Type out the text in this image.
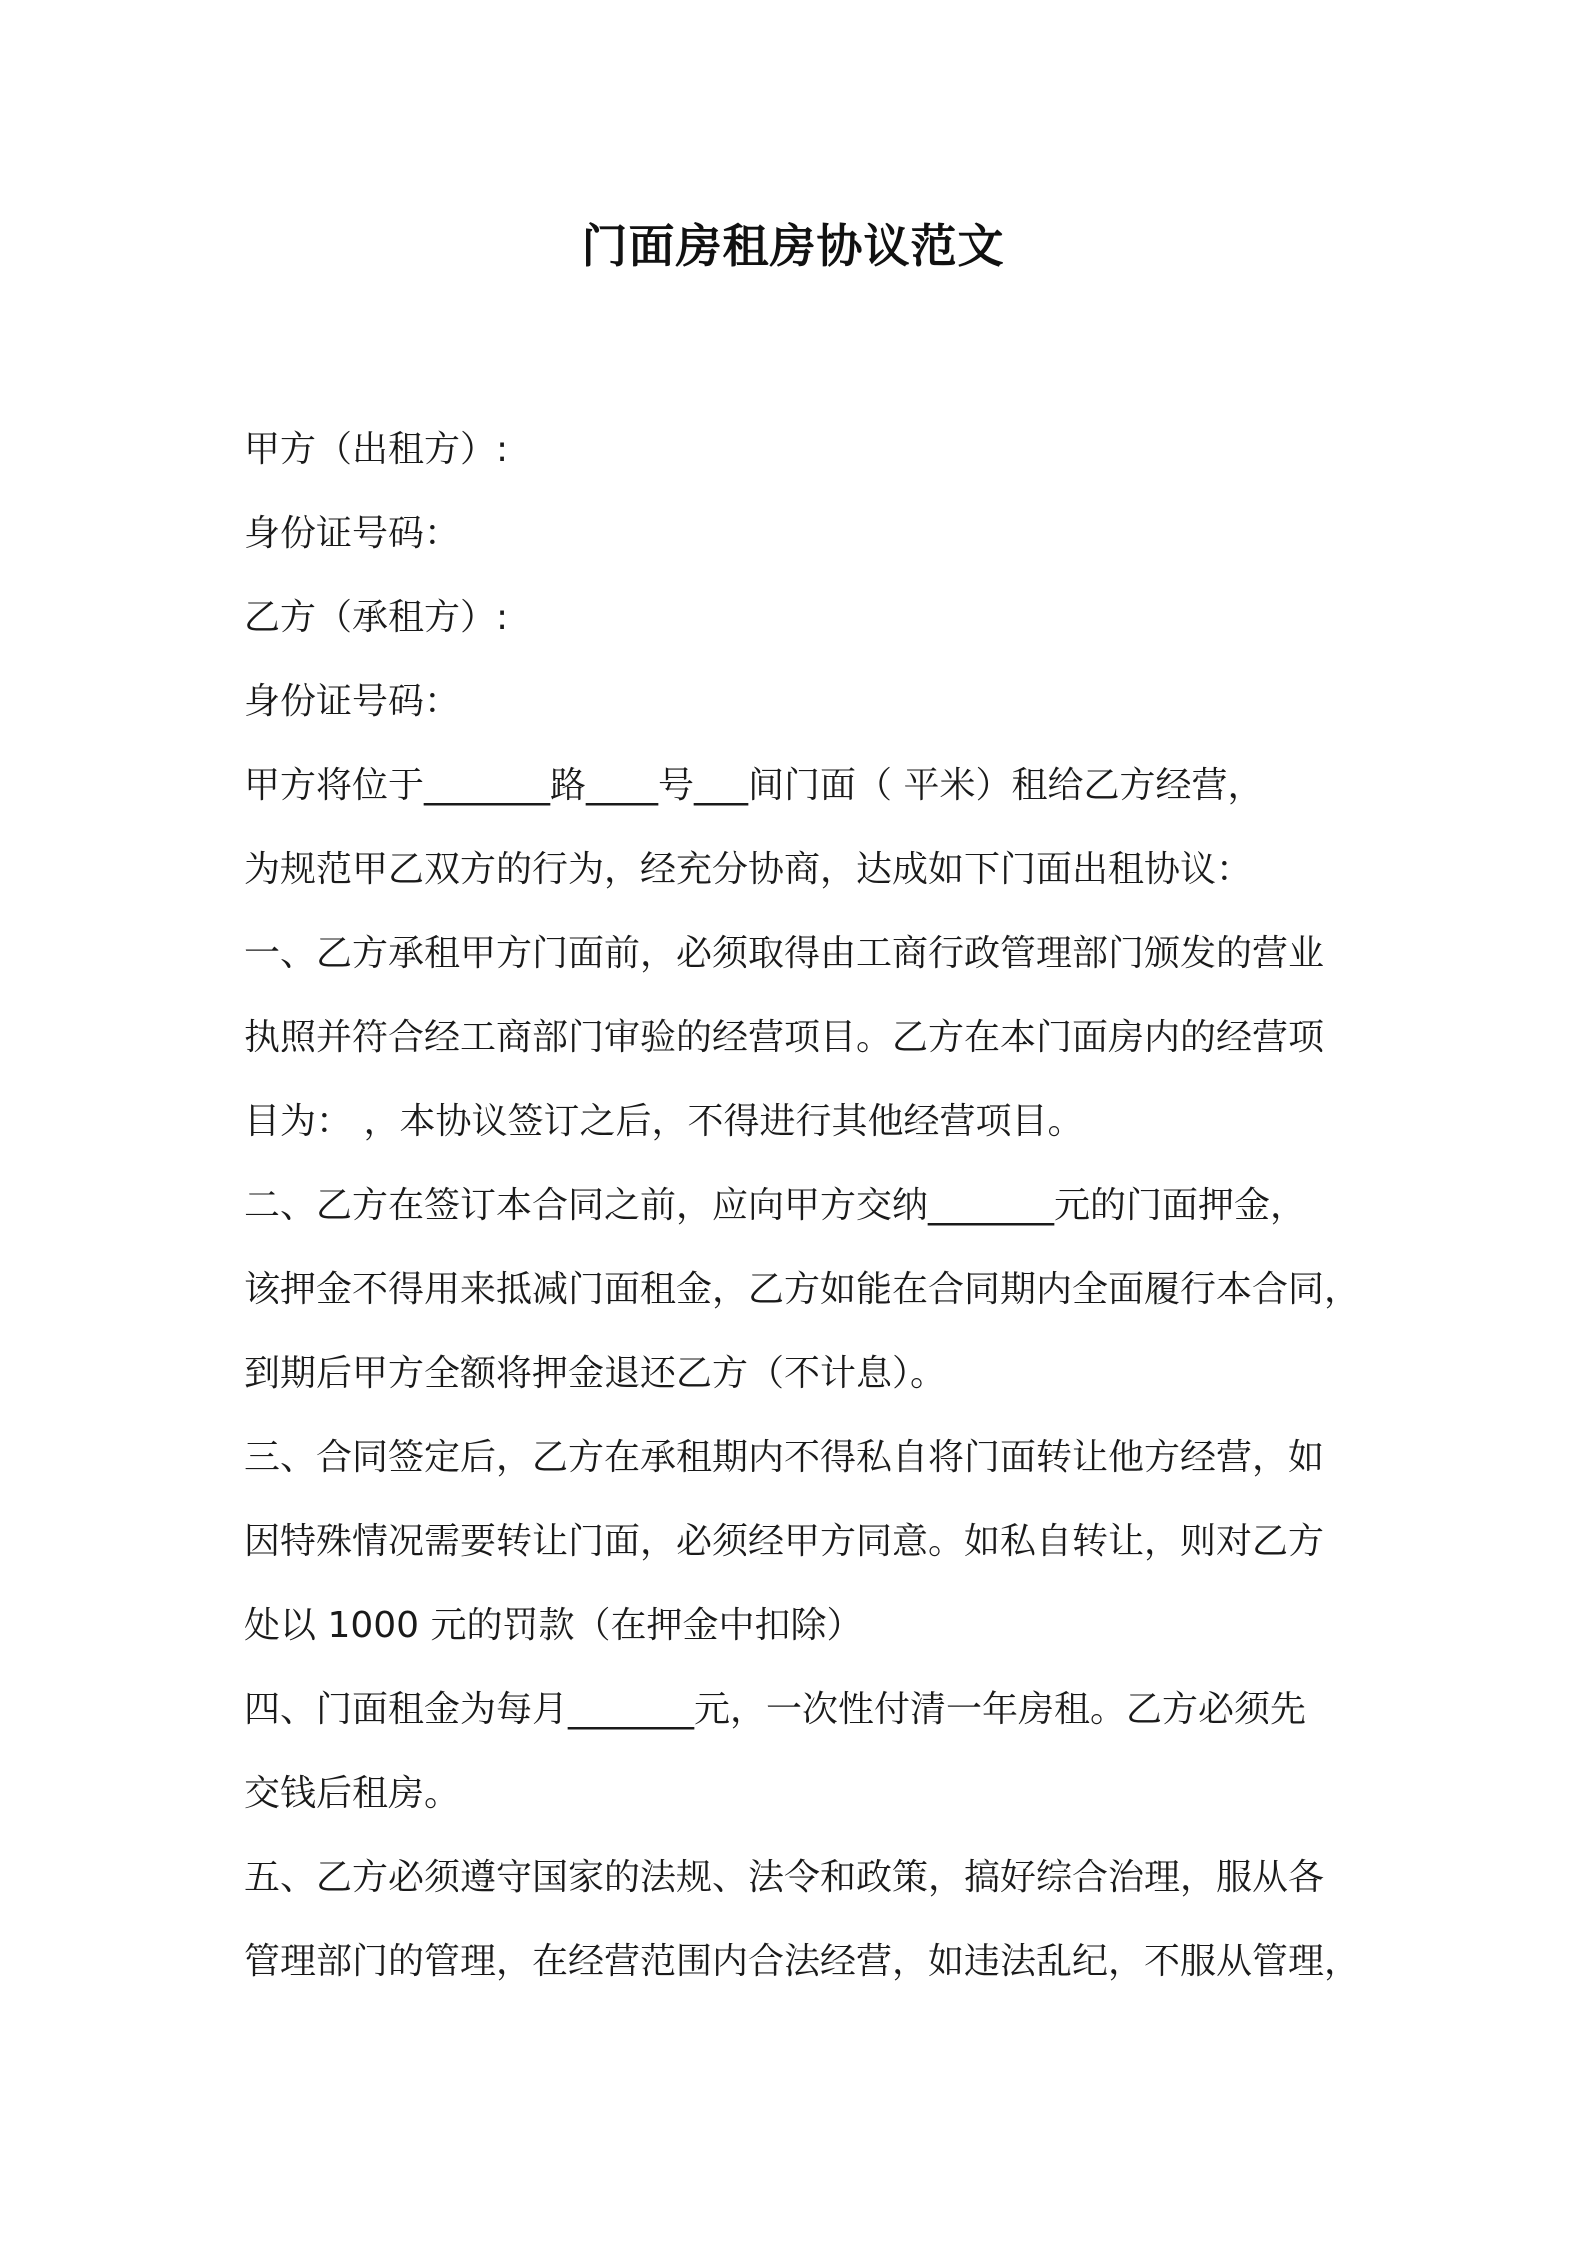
门面房租房协议范文
甲方（出租方）:
身份证号码：
乙方（承租方）:
身份证号码：
甲方将位于_______路____号___间门面（ 平米）租给乙方经营，
为规范甲乙双方的行为，经充分协商，达成如下门面出租协议：
一、乙方承租甲方门面前，必须取得由工商行政管理部门颁发的营业
执照并符合经工商部门审验的经营项目。乙方在本门面房内的经营项
目为： ，本协议签订之后，不得进行其他经营项目。
二、乙方在签订本合同之前，应向甲方交纳_______元的门面押金，
该押金不得用来抵减门面租金，乙方如能在合同期内全面履行本合同，
到期后甲方全额将押金退还乙方（不计息）。
三、合同签定后，乙方在承租期内不得私自将门面转让他方经营，如
因特殊情况需要转让门面，必须经甲方同意。如私自转让，则对乙方
处以 1000 元的罚款（在押金中扣除）
四、门面租金为每月_______元，一次性付清一年房租。乙方必须先
交钱后租房。
五、乙方必须遵守国家的法规、法令和政策，搞好综合治理，服从各
管理部门的管理，在经营范围内合法经营，如违法乱纪，不服从管理，
